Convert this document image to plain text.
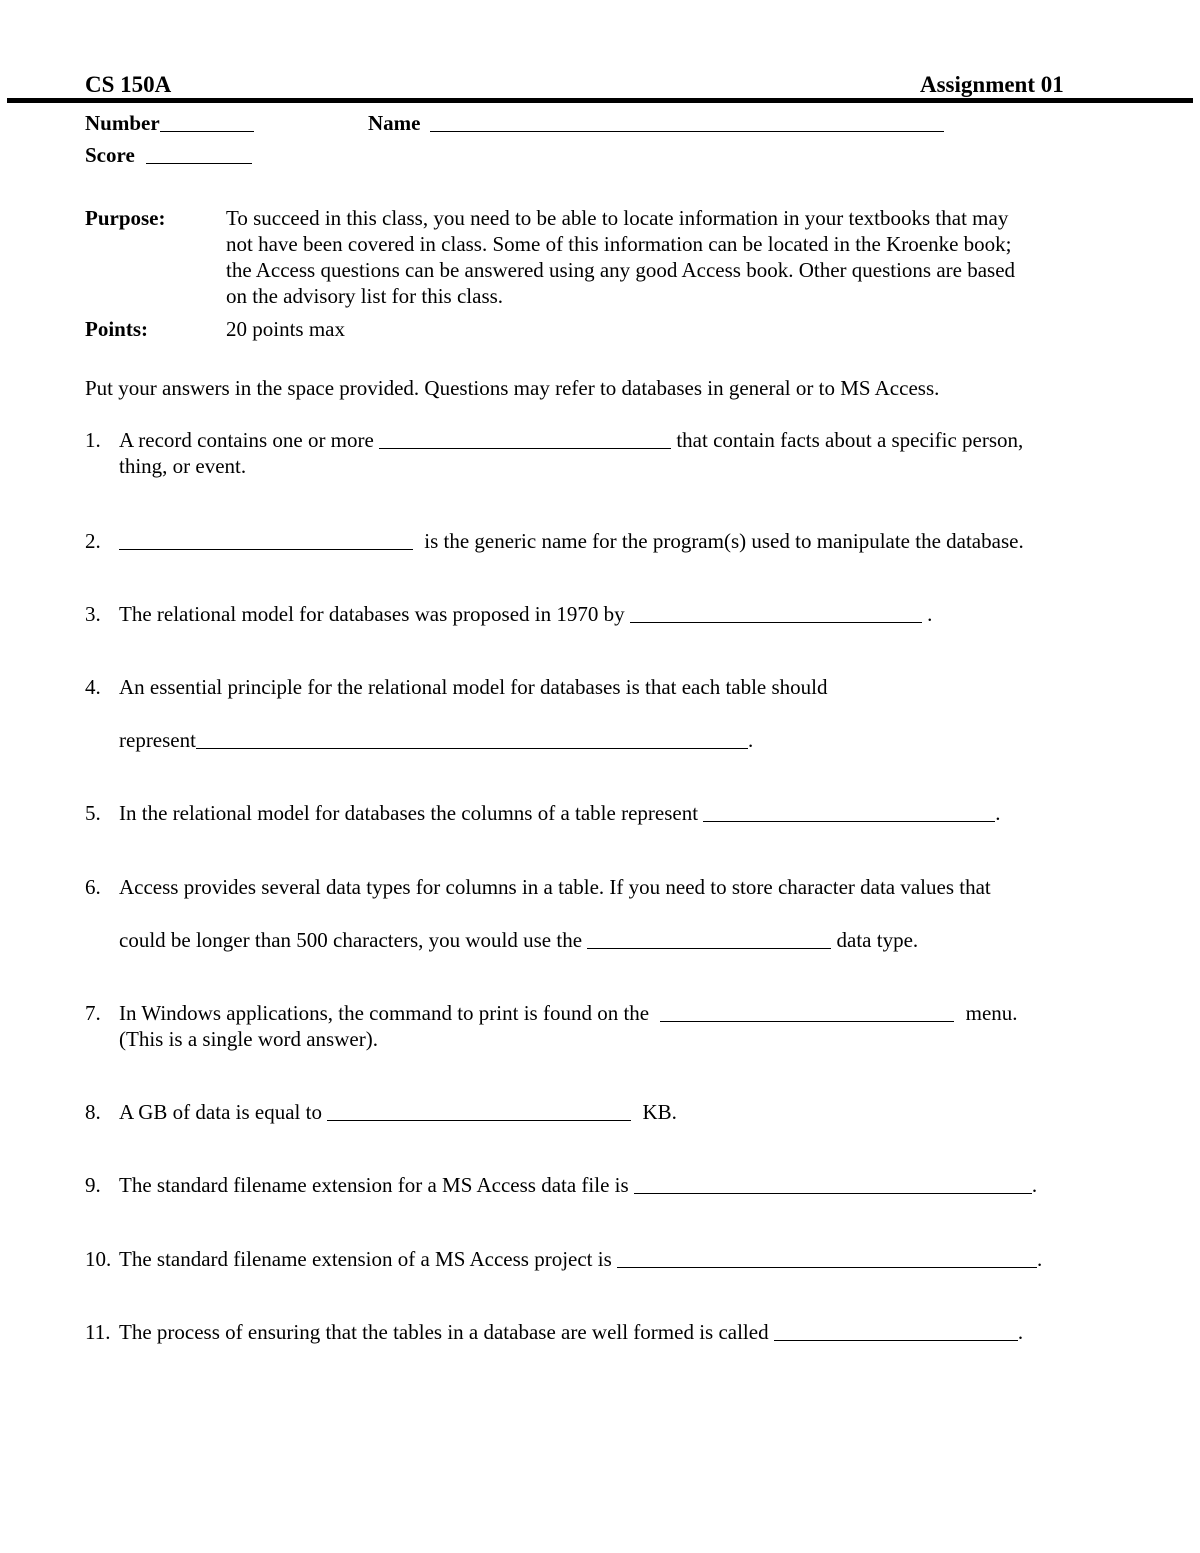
CS 150A	Assignment 01
Number	Name
Score
Purpose:	To succeed in this class, you need to be able to locate information in your textbooks that may
not have been covered in class. Some of this information can be located in the Kroenke book;
the Access questions can be answered using any good Access book. Other questions are based
on the advisory list for this class.
Points:	20 points max
Put your answers in the space provided. Questions may refer to databases in general or to MS Access.
1. A record contains one or more	that contain facts about a specific person,
thing, or event.
2.	is the generic name for the program(s) used to manipulate the database.
3. The relational model for databases was proposed in 1970 by	.
4. An essential principle for the relational model for databases is that each table should
represent	.
5. In the relational model for databases the columns of a table represent	.
6. Access provides several data types for columns in a table. If you need to store character data values that
could be longer than 500 characters, you would use the	data type.
7. In Windows applications, the command to print is found on the	menu.
(This is a single word answer).
8. A GB of data is equal to	KB.
9. The standard filename extension for a MS Access data file is	.
10. The standard filename extension of a MS Access project is	.
11. The process of ensuring that the tables in a database are well formed is called	.
